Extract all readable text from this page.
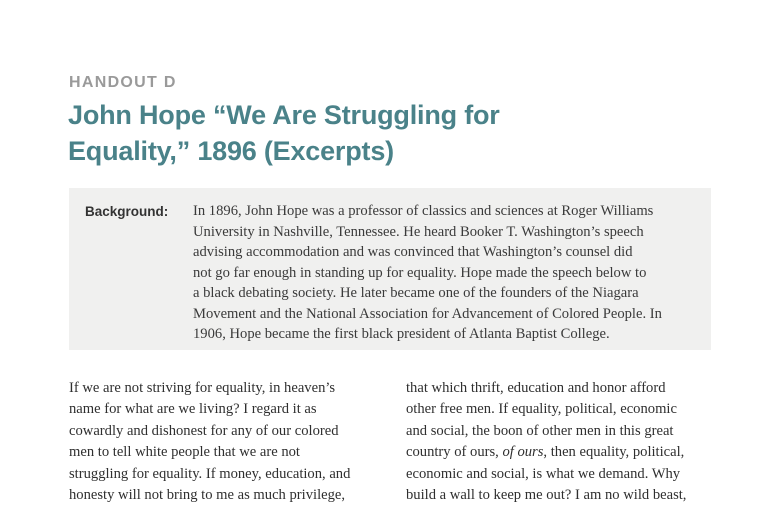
HANDOUT D
John Hope “We Are Struggling for
Equality,” 1896 (Excerpts)
Background: In 1896, John Hope was a professor of classics and sciences at Roger Williams
University in Nashville, Tennessee. He heard Booker T. Washington’s speech
advising accommodation and was convinced that Washington’s counsel did
not go far enough in standing up for equality. Hope made the speech below to
a black debating society. He later became one of the founders of the Niagara
Movement and the National Association for Advancement of Colored People. In
1906, Hope became the first black president of Atlanta Baptist College.
If we are not striving for equality, in heaven’s
name for what are we living? I regard it as
cowardly and dishonest for any of our colored
men to tell white people that we are not
struggling for equality. If money, education, and
honesty will not bring to me as much privilege,
that which thrift, education and honor afford
other free men. If equality, political, economic
and social, the boon of other men in this great
country of ours, of ours, then equality, political,
economic and social, is what we demand. Why
build a wall to keep me out? I am no wild beast,
